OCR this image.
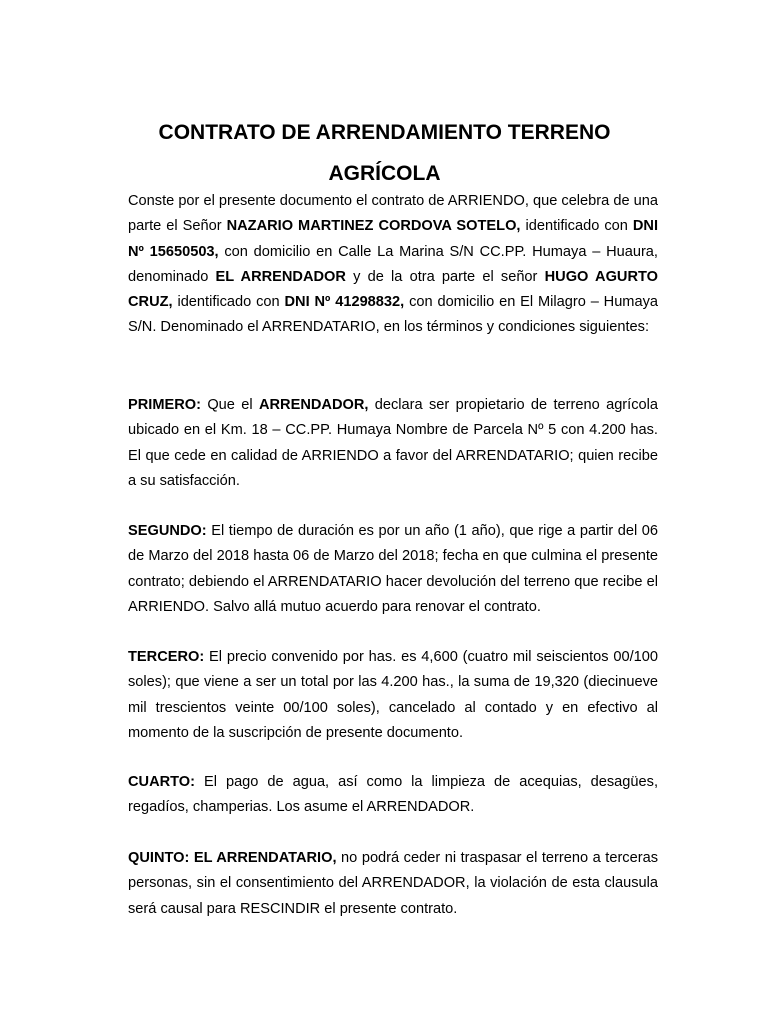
CONTRATO DE ARRENDAMIENTO TERRENO
AGRÍCOLA

Conste por el presente documento el contrato de ARRIENDO, que celebra de una parte el Señor NAZARIO MARTINEZ CORDOVA SOTELO, identificado con DNI Nº 15650503, con domicilio en Calle La Marina S/N CC.PP. Humaya – Huaura, denominado EL ARRENDADOR y de la otra parte el señor HUGO AGURTO CRUZ, identificado con DNI Nº 41298832, con domicilio en El Milagro – Humaya S/N. Denominado el ARRENDATARIO, en los términos y condiciones siguientes:

PRIMERO: Que el ARRENDADOR, declara ser propietario de terreno agrícola ubicado en el Km. 18 – CC.PP. Humaya Nombre de Parcela Nº 5 con 4.200 has. El que cede en calidad de ARRIENDO a favor del ARRENDATARIO; quien recibe a su satisfacción.

SEGUNDO: El tiempo de duración es por un año (1 año), que rige a partir del 06 de Marzo del 2018 hasta 06 de Marzo del 2018; fecha en que culmina el presente contrato; debiendo el ARRENDATARIO hacer devolución del terreno que recibe el ARRIENDO. Salvo allá mutuo acuerdo para renovar el contrato.

TERCERO: El precio convenido por has. es 4,600 (cuatro mil seiscientos 00/100 soles); que viene a ser un total por las 4.200 has., la suma de 19,320 (diecinueve mil trescientos veinte 00/100 soles), cancelado al contado y en efectivo al momento de la suscripción de presente documento.

CUARTO: El pago de agua, así como la limpieza de acequias, desagües, regadíos, champerias. Los asume el ARRENDADOR.

QUINTO: EL ARRENDATARIO, no podrá ceder ni traspasar el terreno a terceras personas, sin el consentimiento del ARRENDADOR, la violación de esta clausula será causal para RESCINDIR el presente contrato.
